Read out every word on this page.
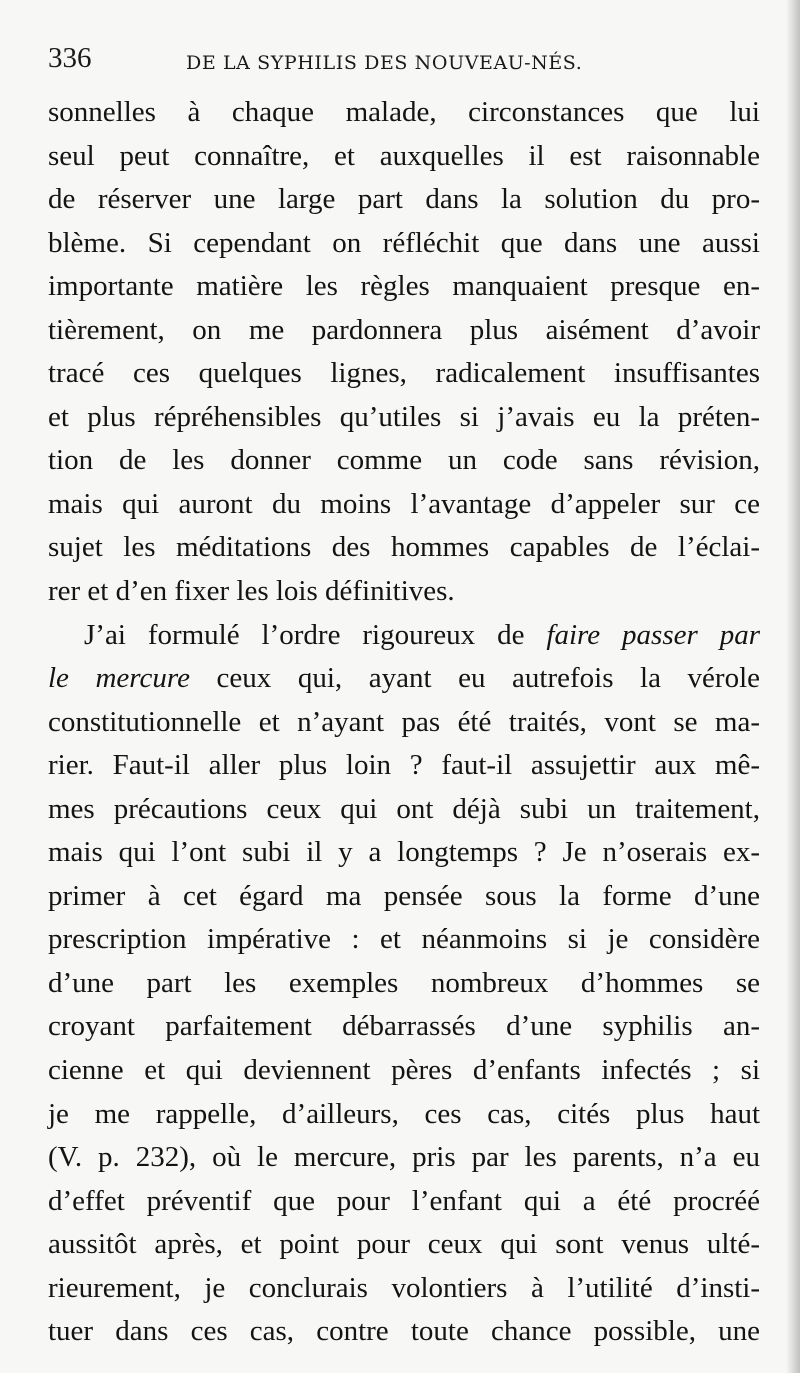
336	DE LA SYPHILIS DES NOUVEAU-NÉS.
sonnelles à chaque malade, circonstances que lui
seul peut connaître, et auxquelles il est raisonnable
de réserver une large part dans la solution du pro-
blème. Si cependant on réfléchit que dans une aussi
importante matière les règles manquaient presque en-
tièrement, on me pardonnera plus aisément d’avoir
tracé ces quelques lignes, radicalement insuffisantes
et plus répréhensibles qu’utiles si j’avais eu la préten-
tion de les donner comme un code sans révision,
mais qui auront du moins l’avantage d’appeler sur ce
sujet les méditations des hommes capables de l’éclai-
rer et d’en fixer les lois définitives.
J’ai formulé l’ordre rigoureux de faire passer par
le mercure ceux qui, ayant eu autrefois la vérole
constitutionnelle et n’ayant pas été traités, vont se ma-
rier. Faut-il aller plus loin ? faut-il assujettir aux mê-
mes précautions ceux qui ont déjà subi un traitement,
mais qui l’ont subi il y a longtemps ? Je n’oserais ex-
primer à cet égard ma pensée sous la forme d’une
prescription impérative : et néanmoins si je considère
d’une part les exemples nombreux d’hommes se
croyant parfaitement débarrassés d’une syphilis an-
cienne et qui deviennent pères d’enfants infectés ; si
je me rappelle, d’ailleurs, ces cas, cités plus haut
(V. p. 232), où le mercure, pris par les parents, n’a eu
d’effet préventif que pour l’enfant qui a été procréé
aussitôt après, et point pour ceux qui sont venus ulté-
rieurement, je conclurais volontiers à l’utilité d’insti-
tuer dans ces cas, contre toute chance possible, une
